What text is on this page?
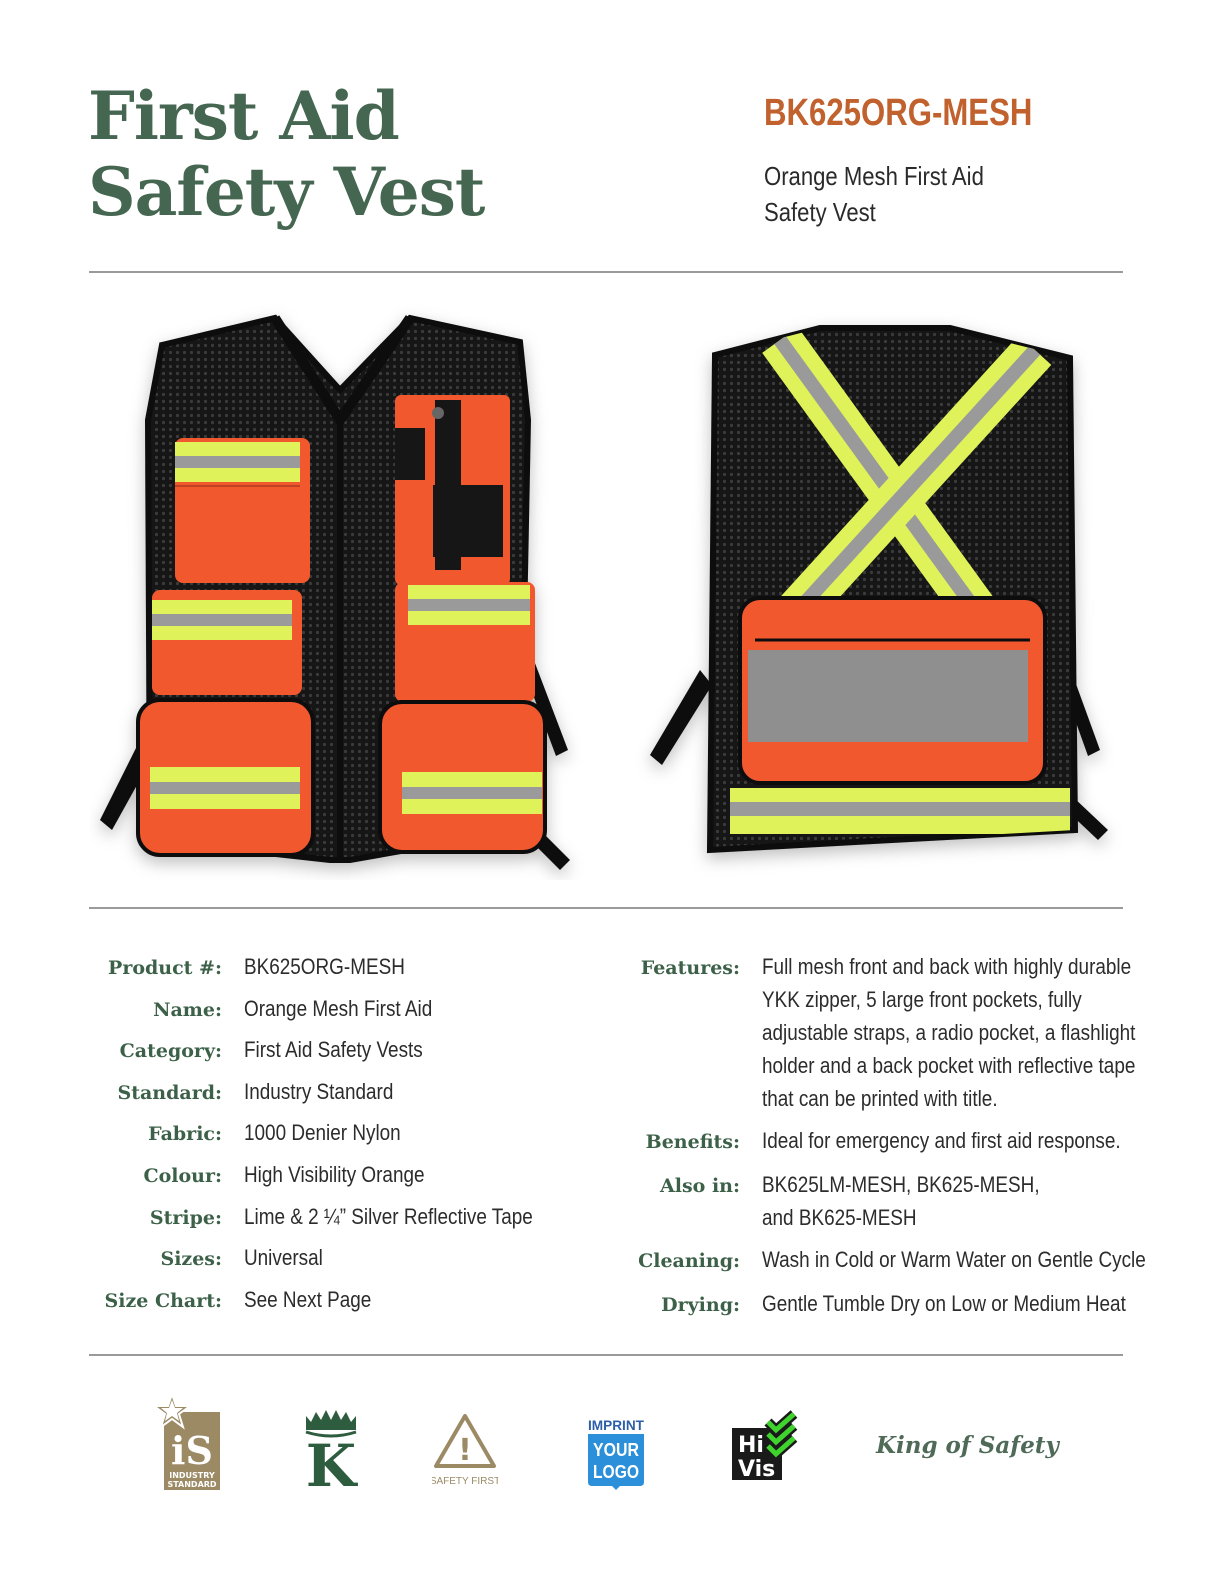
First Aid
Safety Vest
BK625ORG-MESH
Orange Mesh First Aid
Safety Vest
Product #: BK625ORG-MESH
Name: Orange Mesh First Aid
Category: First Aid Safety Vests
Standard: Industry Standard
Fabric: 1000 Denier Nylon
Colour: High Visibility Orange
Stripe: Lime & 2 ¼” Silver Reflective Tape
Sizes: Universal
Size Chart: See Next Page
Features: Full mesh front and back with highly durable
YKK zipper, 5 large front pockets, fully
adjustable straps, a radio pocket, a flashlight
holder and a back pocket with reflective tape
that can be printed with title.
Benefits: Ideal for emergency and first aid response.
Also in: BK625LM-MESH, BK625-MESH,
and BK625-MESH
Cleaning: Wash in Cold or Warm Water on Gentle Cycle
Drying: Gentle Tumble Dry on Low or Medium Heat
iS
INDUSTRY
STANDARD K	!
SAFETY FIRST
IMPRINT
YOUR
LOGO
Hi
Vis
King of Safety
